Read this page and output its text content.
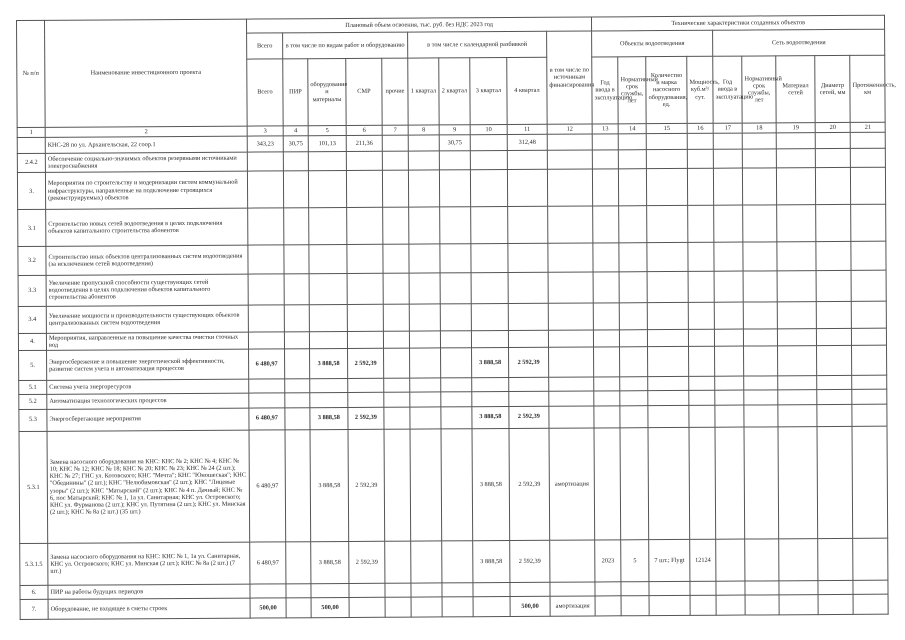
№ п/п	Наименование инвестиционного проекта	Плановый объем освоения, тыс. руб. без НДС 2023 год										Технические характеристики созданных объектов								
		Всего	в том числе по видам работ и оборудованию				в том числе с календарной разбивкой				в том числе по источникам финансирования	Объекты водоотведения				Сеть водоотведения				
		Всего	ПИР	оборудование и материалы	СМР	прочие	1 квартал	2 квартал	3 квартал	4 квартал		Год ввода в эксплуатацию	Нормативный срок службы, лет	Количество и марка насосного оборудования, ед.	Мощность, куб.м³/сут.	Год ввода в эксплуатацию	Нормативный срок службы, лет	Материал сетей	Диаметр сетей, мм	Протяженность, км
1	2	3	4	5	6	7	8	9	10	11	12	13	14	15	16	17	18	19	20	21
	КНС-28 по ул. Архангельская, 22 соор.1	343,23	30,75	101,13	211,36			30,75		312,48										
2.4.2	Обеспечение социально-значимых объектов резервными источниками электроснабжения																			
3.	Мероприятия по строительству и модернизации систем коммунальной инфраструктуры, направленные на подключение строящихся (реконструируемых) объектов																			
3.1	Строительство новых сетей водоотведения в целях подключения объектов капитального строительства абонентов																			
3.2	Строительство иных объектов централизованных систем водоотведения (за исключением сетей водоотведения)																			
3.3	Увеличение пропускной способности существующих сетей водоотведения в целях подключения объектов капитального строительства абонентов																			
3.4	Увеличение мощности и производительности существующих объектов централизованных систем водоотведения																			
4.	Мероприятия, направленные на повышение качества очистки сточных вод																			
5.	Энергосбережение и повышение энергетической эффективности, развитие систем учета и автоматизация процессов	6 480,97		3 888,58	2 592,39				3 888,58	2 592,39										
5.1	Система учета энергоресурсов																			
5.2	Автоматизация технологических процессов																			
5.3	Энергосберегающие мероприятия	6 480,97		3 888,58	2 592,39				3 888,58	2 592,39										
5.3.1	Замена насосного оборудования на КНС: КНС № 2; КНС № 4; КНС № 10; КНС № 12; КНС № 18; КНС № 20; КНС № 23; КНС № 24 (2 шт.); КНС № 27; ГНС ул. Котовского; КНС "Мечта"; КНС "Юношеская"; КНС "Обединины" (2 шт.); КНС "Нелюбимовская" (2 шт.); КНС "Лицевые узоры" (2 шт.); КНС "Матырский" (2 шт.); КНС № 4 п. Дачный; КНС № 6, пос Матырский; КНС № 1, 1а ул. Санитарная; КНС ул. Островского; КНС ул. Фурманова (2 шт.); КНС ул. Путятина (2 шт.); КНС ул. Минская (2 шт.); КНС № 8а (2 шт.) (35 шт.)	6 480,97		3 888,58	2 592,39				3 888,58	2 592,39	амортизация									
5.3.1.5	Замена насосного оборудования на КНС: КНС № 1, 1а ул. Санитарная, КНС ул. Островского; КНС ул. Минская (2 шт.); КНС № 8а (2 шт.) (7 шт.)	6 480,97		3 888,58	2 592,39				3 888,58	2 592,39		2023	5	7 шт.; Flygt	12124					
6.	ПИР на работы будущих периодов																			
7.	Оборудование, не входящее в сметы строек	500,00		500,00						500,00	амортизация									
